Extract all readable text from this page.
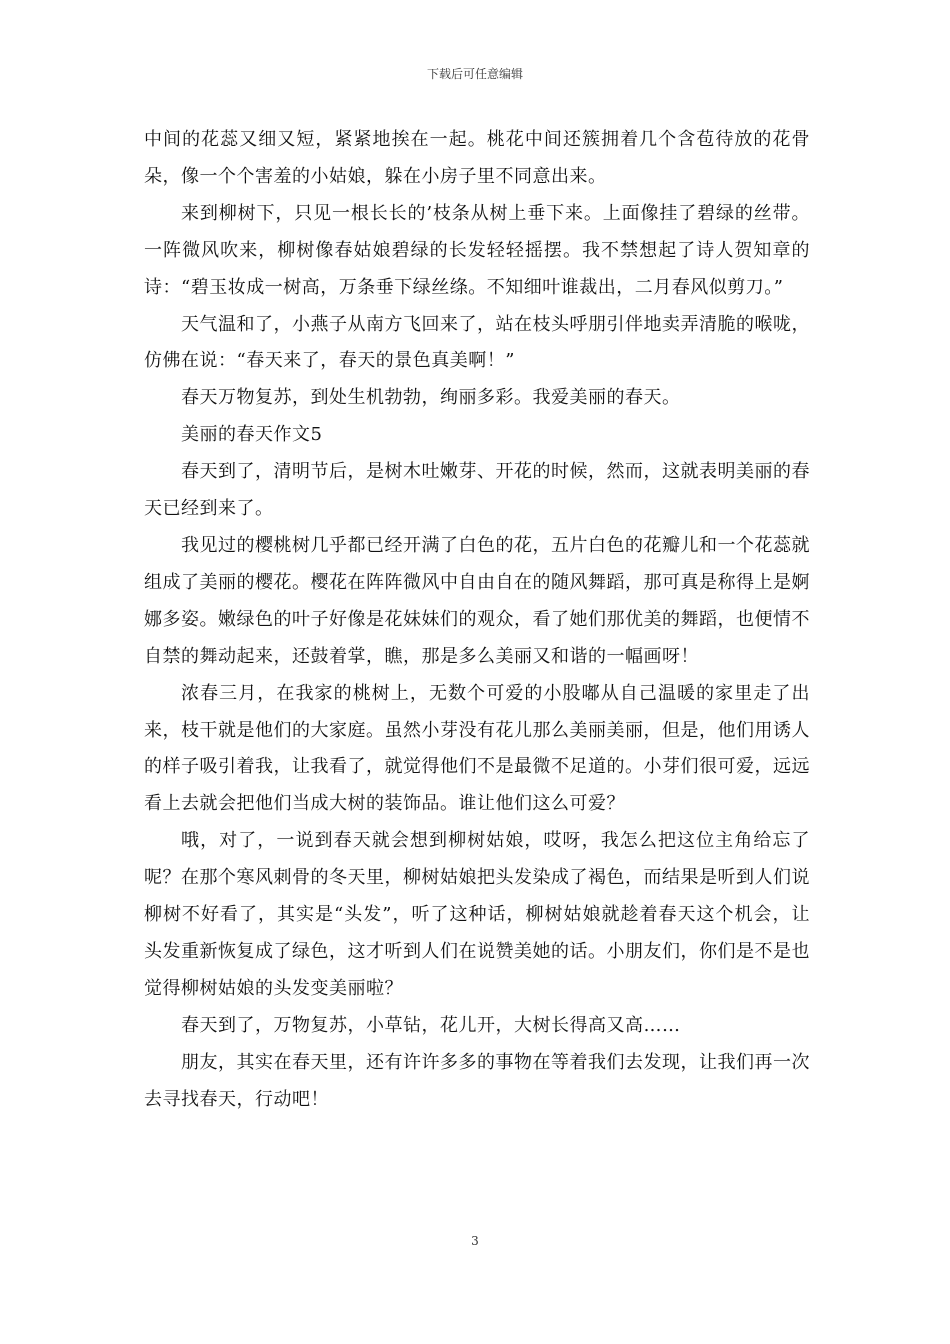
下载后可任意编辑

中间的花蕊又细又短，紧紧地挨在一起。桃花中间还簇拥着几个含苞待放的花骨朵，像一个个害羞的小姑娘，躲在小房子里不同意出来。

来到柳树下，只见一根长长的’枝条从树上垂下来。上面像挂了碧绿的丝带。一阵微风吹来，柳树像春姑娘碧绿的长发轻轻摇摆。我不禁想起了诗人贺知章的诗：“碧玉妆成一树高，万条垂下绿丝绦。不知细叶谁裁出，二月春风似剪刀。”

天气温和了，小燕子从南方飞回来了，站在枝头呼朋引伴地卖弄清脆的喉咙，仿佛在说：“春天来了，春天的景色真美啊！”

春天万物复苏，到处生机勃勃，绚丽多彩。我爱美丽的春天。

美丽的春天作文5

春天到了，清明节后，是树木吐嫩芽、开花的时候，然而，这就表明美丽的春天已经到来了。

我见过的樱桃树几乎都已经开满了白色的花，五片白色的花瓣儿和一个花蕊就组成了美丽的樱花。樱花在阵阵微风中自由自在的随风舞蹈，那可真是称得上是婀娜多姿。嫩绿色的叶子好像是花妹妹们的观众，看了她们那优美的舞蹈，也便情不自禁的舞动起来，还鼓着掌，瞧，那是多么美丽又和谐的一幅画呀！

浓春三月，在我家的桃树上，无数个可爱的小股嘟从自己温暖的家里走了出来，枝干就是他们的大家庭。虽然小芽没有花儿那么美丽美丽，但是，他们用诱人的样子吸引着我，让我看了，就觉得他们不是最微不足道的。小芽们很可爱，远远看上去就会把他们当成大树的装饰品。谁让他们这么可爱？

哦，对了，一说到春天就会想到柳树姑娘，哎呀，我怎么把这位主角给忘了呢？在那个寒风刺骨的冬天里，柳树姑娘把头发染成了褐色，而结果是听到人们说柳树不好看了，其实是“头发”，听了这种话，柳树姑娘就趁着春天这个机会，让头发重新恢复成了绿色，这才听到人们在说赞美她的话。小朋友们，你们是不是也觉得柳树姑娘的头发变美丽啦？

春天到了，万物复苏，小草钻，花儿开，大树长得高又高……

朋友，其实在春天里，还有许许多多的事物在等着我们去发现，让我们再一次去寻找春天，行动吧！

3
